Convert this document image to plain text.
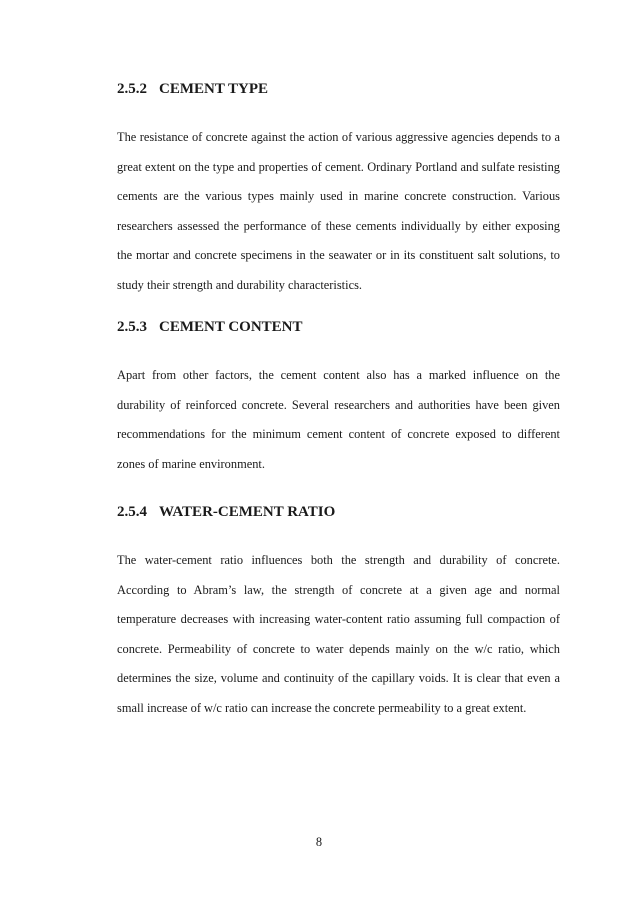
2.5.2 CEMENT TYPE

The resistance of concrete against the action of various aggressive agencies depends to a great extent on the type and properties of cement. Ordinary Portland and sulfate resisting cements are the various types mainly used in marine concrete construction. Various researchers assessed the performance of these cements individually by either exposing the mortar and concrete specimens in the seawater or in its constituent salt solutions, to study their strength and durability characteristics.

2.5.3 CEMENT CONTENT

Apart from other factors, the cement content also has a marked influence on the durability of reinforced concrete. Several researchers and authorities have been given recommendations for the minimum cement content of concrete exposed to different zones of marine environment.

2.5.4 WATER-CEMENT RATIO

The water-cement ratio influences both the strength and durability of concrete. According to Abram’s law, the strength of concrete at a given age and normal temperature decreases with increasing water-content ratio assuming full compaction of concrete. Permeability of concrete to water depends mainly on the w/c ratio, which determines the size, volume and continuity of the capillary voids. It is clear that even a small increase of w/c ratio can increase the concrete permeability to a great extent.

8
